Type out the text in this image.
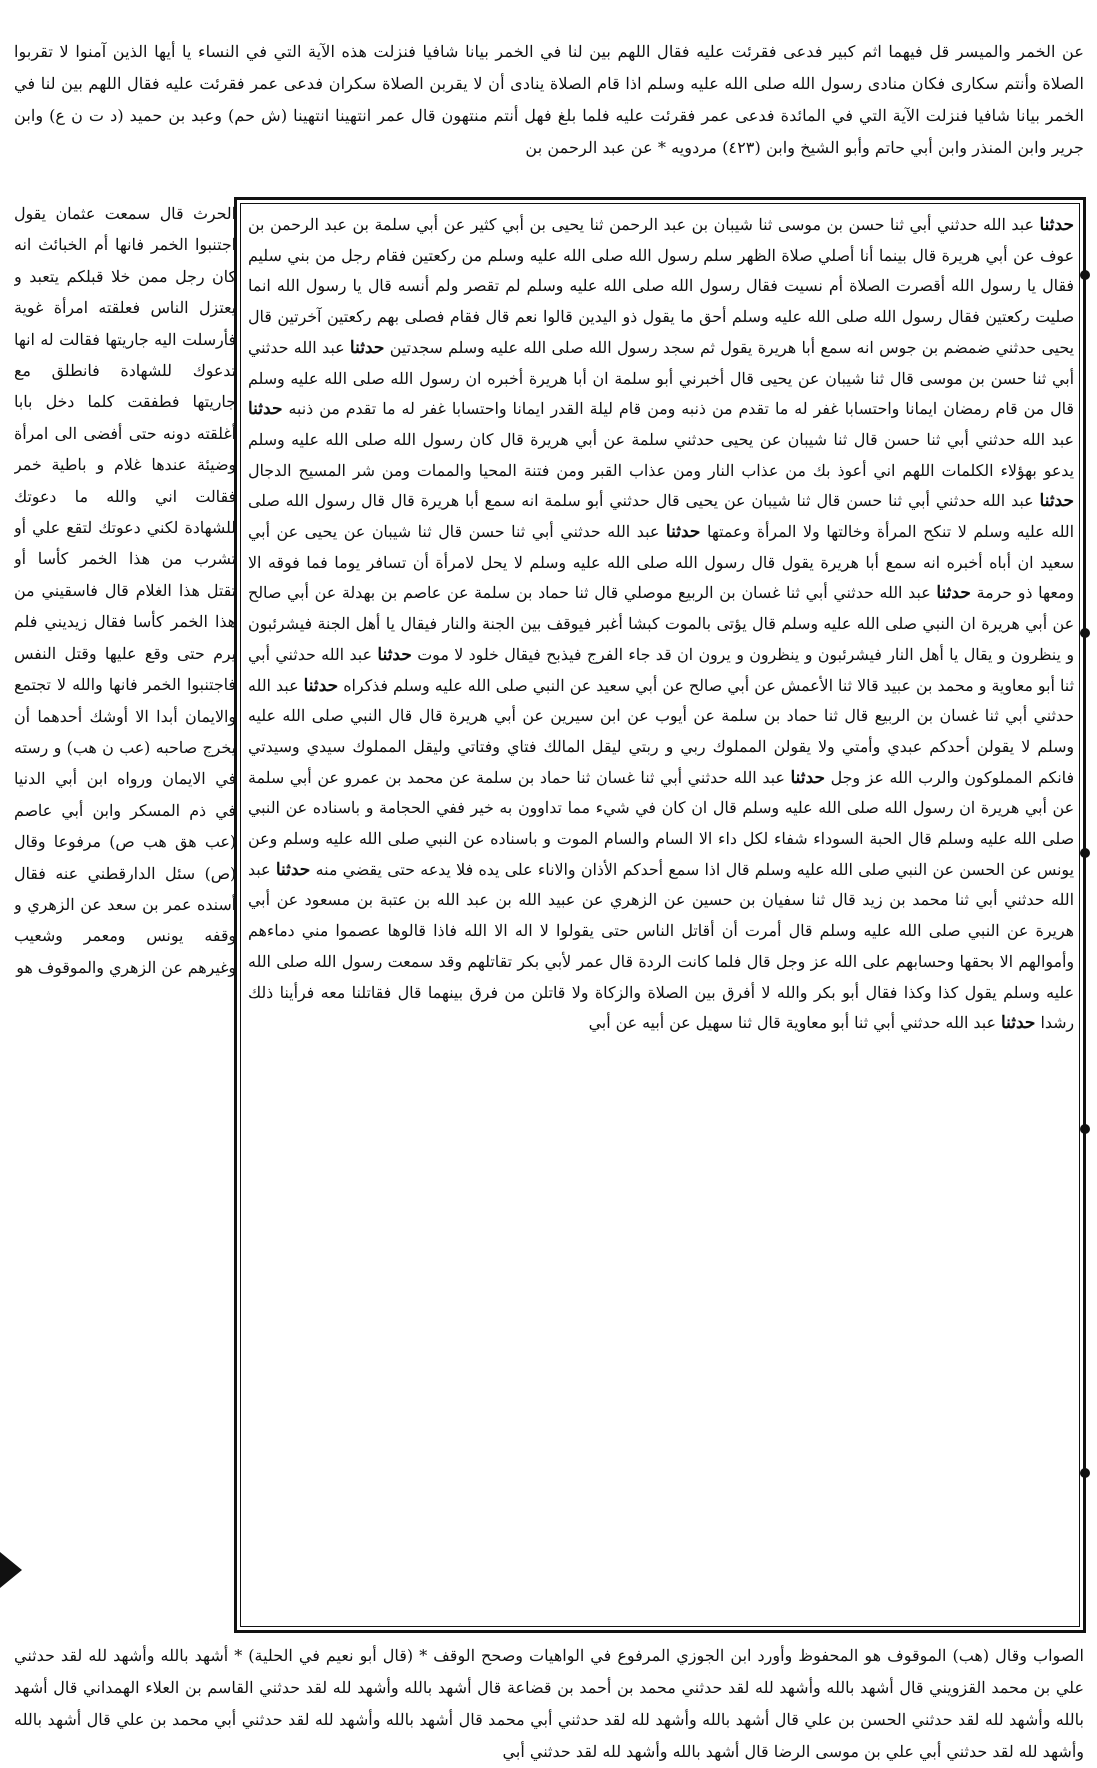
عن الخمر والميسر قل فيهما اثم كبير فدعى فقرئت عليه فقال اللهم بين لنا في الخمر بيانا شافيا فنزلت هذه الآية التي في النساء يا أيها الذين آمنوا لا تقربوا الصلاة وأنتم سكارى فكان منادى رسول الله صلى الله عليه وسلم اذا قام الصلاة ينادى أن لا يقربن الصلاة سكران فدعى عمر فقرئت عليه فقال اللهم بين لنا في الخمر بيانا شافيا فنزلت الآية التي في المائدة فدعى عمر فقرئت عليه فلما بلغ فهل أنتم منتهون قال عمر انتهينا انتهينا (ش حم) وعبد بن حميد (د ت ن ع) وابن جرير وابن المنذر وابن أبي حاتم وأبو الشيخ وابن (٤٢٣) مردويه * عن عبد الرحمن بن
الحرث قال سمعت عثمان يقول اجتنبوا الخمر فانها أم الخبائث انه كان رجل ممن خلا قبلكم يتعبد و يعتزل الناس فعلقته امرأة غوية فأرسلت اليه جاريتها فقالت له انها تدعوك للشهادة فانطلق مع جاريتها فطفقت كلما دخل بابا أغلقته دونه حتى أفضى الى امرأة وضيئة عندها غلام و باطية خمر فقالت اني والله ما دعوتك للشهادة لكني دعوتك لتقع علي أو تشرب من هذا الخمر كأسا أو تقتل هذا الغلام قال فاسقيني من هذا الخمر كأسا فقال زيديني فلم يرم حتى وقع عليها وقتل النفس فاجتنبوا الخمر فانها والله لا تجتمع والايمان أبدا الا أوشك أحدهما أن يخرج صاحبه (عب ن هب) و رسته في الايمان ورواه ابن أبي الدنيا في ذم المسكر وابن أبي عاصم (عب هق هب ص) مرفوعا وقال (ص) سئل الدارقطني عنه فقال أسنده عمر بن سعد عن الزهري و وقفه يونس ومعمر وشعيب وغيرهم عن الزهري والموقوف هو
حدثنا عبد الله حدثني أبي ثنا حسن بن موسى ثنا شيبان بن عبد الرحمن ثنا يحيى بن أبي كثير عن أبي سلمة بن عبد الرحمن بن عوف عن أبي هريرة قال بينما أنا أصلي صلاة الظهر سلم رسول الله صلى الله عليه وسلم من ركعتين فقام رجل من بني سليم فقال يا رسول الله أقصرت الصلاة أم نسيت فقال رسول الله صلى الله عليه وسلم لم تقصر ولم أنسه قال يا رسول الله انما صليت ركعتين فقال رسول الله صلى الله عليه وسلم أحق ما يقول ذو اليدين قالوا نعم قال فقام فصلى بهم ركعتين آخرتين قال يحيى حدثني ضمضم بن جوس انه سمع أبا هريرة يقول ثم سجد رسول الله صلى الله عليه وسلم سجدتين حدثنا عبد الله حدثني أبي ثنا حسن بن موسى قال ثنا شيبان عن يحيى قال أخبرني أبو سلمة ان أبا هريرة أخبره ان رسول الله صلى الله عليه وسلم قال من قام رمضان ايمانا واحتسابا غفر له ما تقدم من ذنبه ومن قام ليلة القدر ايمانا واحتسابا غفر له ما تقدم من ذنبه حدثنا عبد الله حدثني أبي ثنا حسن قال ثنا شيبان عن يحيى حدثني سلمة عن أبي هريرة قال كان رسول الله صلى الله عليه وسلم يدعو بهؤلاء الكلمات اللهم اني أعوذ بك من عذاب النار ومن عذاب القبر ومن فتنة المحيا والممات ومن شر المسيح الدجال حدثنا عبد الله حدثني أبي ثنا حسن قال ثنا شيبان عن يحيى قال حدثني أبو سلمة انه سمع أبا هريرة قال قال رسول الله صلى الله عليه وسلم لا تنكح المرأة وخالتها ولا المرأة وعمتها حدثنا عبد الله حدثني أبي ثنا حسن قال ثنا شيبان عن يحيى عن أبي سعيد ان أباه أخبره انه سمع أبا هريرة يقول قال رسول الله صلى الله عليه وسلم لا يحل لامرأة أن تسافر يوما فما فوقه الا ومعها ذو حرمة حدثنا عبد الله حدثني أبي ثنا غسان بن الربيع موصلي قال ثنا حماد بن سلمة عن عاصم بن بهدلة عن أبي صالح عن أبي هريرة ان النبي صلى الله عليه وسلم قال يؤتى بالموت كبشا أغبر فيوقف بين الجنة والنار فيقال يا أهل الجنة فيشرئبون و ينظرون و يقال يا أهل النار فيشرئبون و ينظرون و يرون ان قد جاء الفرج فيذبح فيقال خلود لا موت حدثنا عبد الله حدثني أبي ثنا أبو معاوية و محمد بن عبيد قالا ثنا الأعمش عن أبي صالح عن أبي سعيد عن النبي صلى الله عليه وسلم فذكراه حدثنا عبد الله حدثني أبي ثنا غسان بن الربيع قال ثنا حماد بن سلمة عن أيوب عن ابن سيرين عن أبي هريرة قال قال النبي صلى الله عليه وسلم لا يقولن أحدكم عبدي وأمتي ولا يقولن المملوك ربي و ربتي ليقل المالك فتاي وفتاتي وليقل المملوك سيدي وسيدتي فانكم المملوكون والرب الله عز وجل حدثنا عبد الله حدثني أبي ثنا غسان ثنا حماد بن سلمة عن محمد بن عمرو عن أبي سلمة عن أبي هريرة ان رسول الله صلى الله عليه وسلم قال ان كان في شيء مما تداوون به خير ففي الحجامة و باسناده عن النبي صلى الله عليه وسلم قال الحبة السوداء شفاء لكل داء الا السام والسام الموت و باسناده عن النبي صلى الله عليه وسلم وعن يونس عن الحسن عن النبي صلى الله عليه وسلم قال اذا سمع أحدكم الأذان والاناء على يده فلا يدعه حتى يقضي منه حدثنا عبد الله حدثني أبي ثنا محمد بن زيد قال ثنا سفيان بن حسين عن الزهري عن عبيد الله بن عبد الله بن عتبة بن مسعود عن أبي هريرة عن النبي صلى الله عليه وسلم قال أمرت أن أقاتل الناس حتى يقولوا لا اله الا الله فاذا قالوها عصموا مني دماءهم وأموالهم الا بحقها وحسابهم على الله عز وجل قال فلما كانت الردة قال عمر لأبي بكر تقاتلهم وقد سمعت رسول الله صلى الله عليه وسلم يقول كذا وكذا فقال أبو بكر والله لا أفرق بين الصلاة والزكاة ولا قاتلن من فرق بينهما قال فقاتلنا معه فرأينا ذلك رشدا حدثنا عبد الله حدثني أبي ثنا أبو معاوية قال ثنا سهيل عن أبيه عن أبي
الصواب وقال (هب) الموقوف هو المحفوظ وأورد ابن الجوزي المرفوع في الواهيات وصحح الوقف * (قال أبو نعيم في الحلية) * أشهد بالله وأشهد لله لقد حدثني علي بن محمد القزويني قال أشهد بالله وأشهد لله لقد حدثني محمد بن أحمد بن قضاعة قال أشهد بالله وأشهد لله لقد حدثني القاسم بن العلاء الهمداني قال أشهد بالله وأشهد لله لقد حدثني الحسن بن علي قال أشهد بالله وأشهد لله لقد حدثني أبي محمد قال أشهد بالله وأشهد لله لقد حدثني أبي محمد بن علي قال أشهد بالله وأشهد لله لقد حدثني أبي علي بن موسى الرضا قال أشهد بالله وأشهد لله لقد حدثني أبي
